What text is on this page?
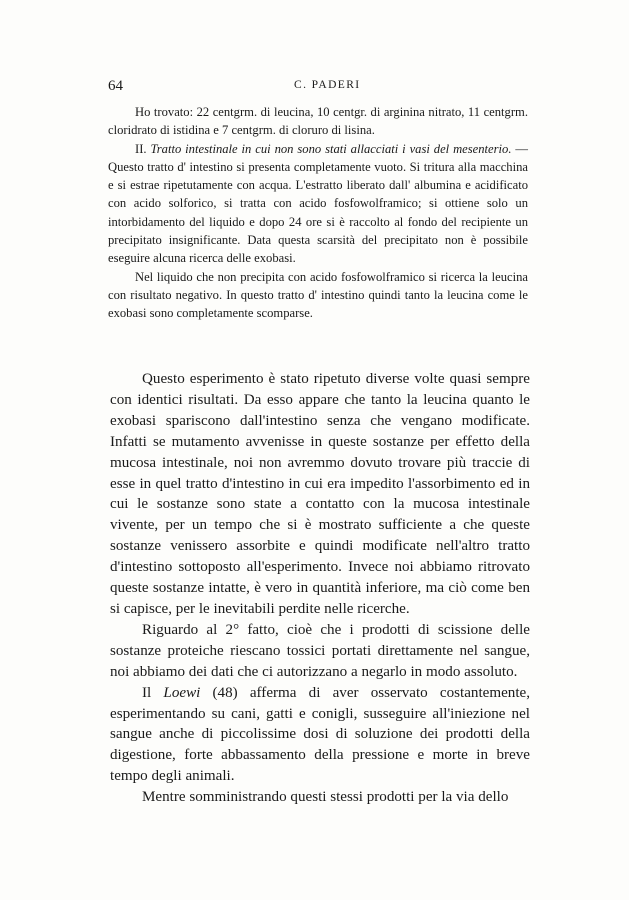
64	C. PADERI

Ho trovato: 22 centgrm. di leucina, 10 centgr. di arginina nitrato, 11 centgrm. cloridrato di istidina e 7 centgrm. di cloruro di lisina.

II. Tratto intestinale in cui non sono stati allacciati i vasi del mesenterio. — Questo tratto d' intestino si presenta completamente vuoto. Si tritura alla macchina e si estrae ripetutamente con acqua. L'estratto liberato dall' albumina e acidificato con acido solforico, si tratta con acido fosfowolframico; si ottiene solo un intorbidamento del liquido e dopo 24 ore si è raccolto al fondo del recipiente un precipitato insignificante. Data questa scarsità del precipitato non è possibile eseguire alcuna ricerca delle exobasi.

Nel liquido che non precipita con acido fosfowolframico si ricerca la leucina con risultato negativo. In questo tratto d' intestino quindi tanto la leucina come le exobasi sono completamente scomparse.

Questo esperimento è stato ripetuto diverse volte quasi sempre con identici risultati. Da esso appare che tanto la leucina quanto le exobasi spariscono dall'intestino senza che vengano modificate. Infatti se mutamento avvenisse in queste sostanze per effetto della mucosa intestinale, noi non avremmo dovuto trovare più traccie di esse in quel tratto d'intestino in cui era impedito l'assorbimento ed in cui le sostanze sono state a contatto con la mucosa intestinale vivente, per un tempo che si è mostrato sufficiente a che queste sostanze venissero assorbite e quindi modificate nell'altro tratto d'intestino sottoposto all'esperimento. Invece noi abbiamo ritrovato queste sostanze intatte, è vero in quantità inferiore, ma ciò come ben si capisce, per le inevitabili perdite nelle ricerche.

Riguardo al 2° fatto, cioè che i prodotti di scissione delle sostanze proteiche riescano tossici portati direttamente nel sangue, noi abbiamo dei dati che ci autorizzano a negarlo in modo assoluto.

Il Loewi (48) afferma di aver osservato costantemente, esperimentando su cani, gatti e conigli, susseguire all'iniezione nel sangue anche di piccolissime dosi di soluzione dei prodotti della digestione, forte abbassamento della pressione e morte in breve tempo degli animali.

Mentre somministrando questi stessi prodotti per la via dello
